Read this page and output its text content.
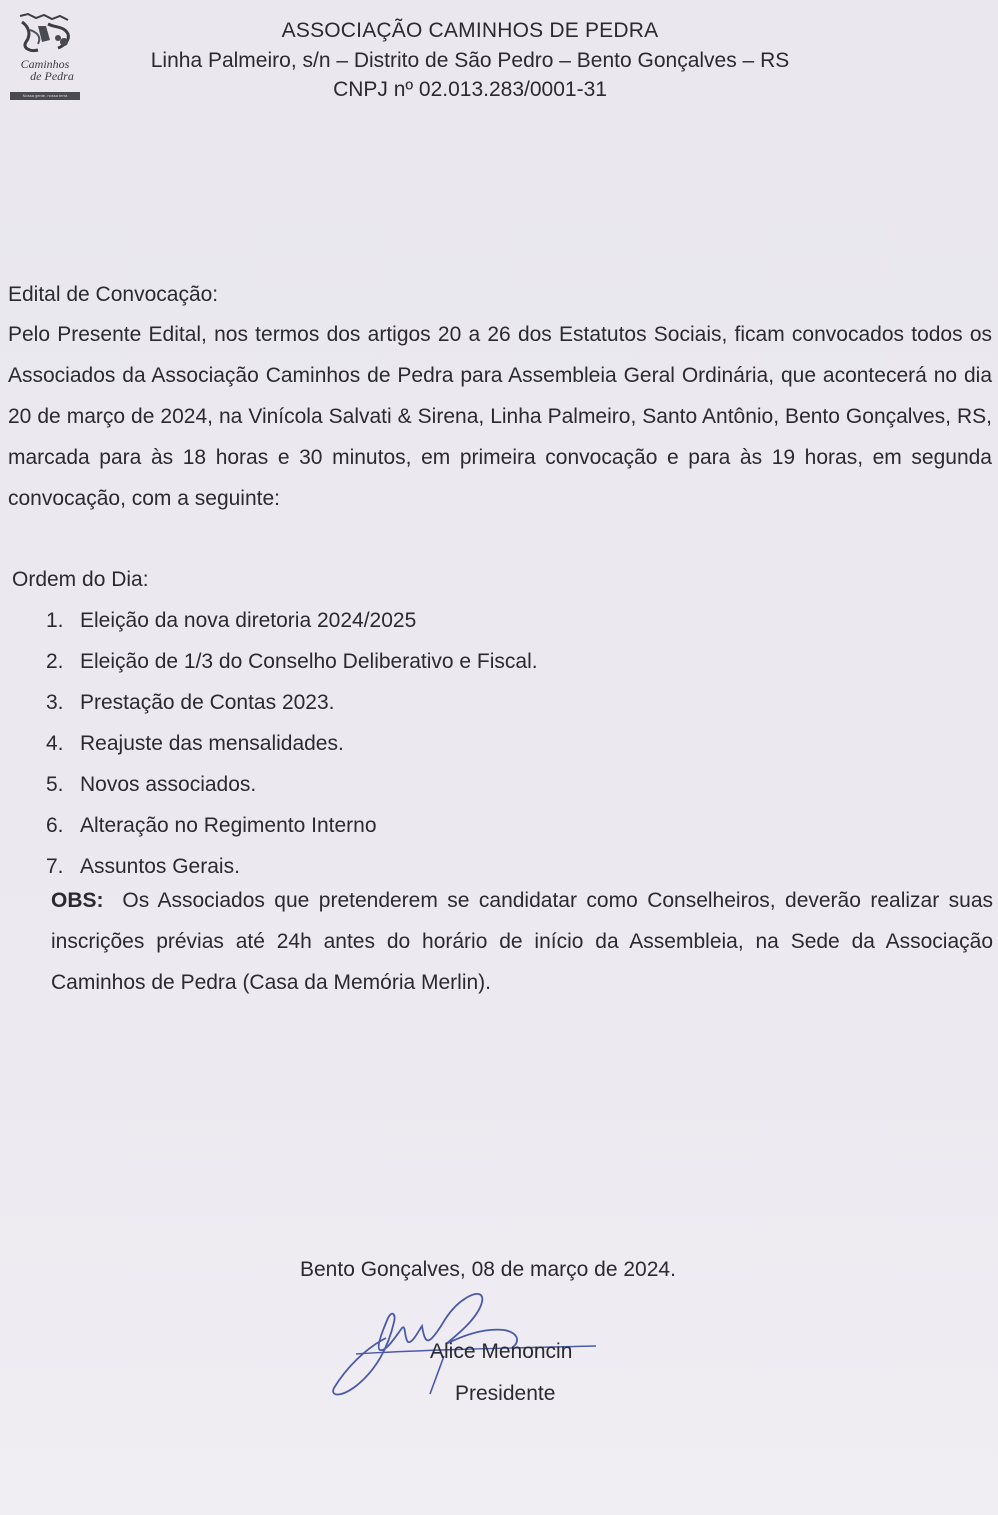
Caminhos
de Pedra
Nossa gente, nossa terra
ASSOCIAÇÃO CAMINHOS DE PEDRA
Linha Palmeiro, s/n – Distrito de São Pedro – Bento Gonçalves – RS
CNPJ nº 02.013.283/0001-31
Edital de Convocação:
Pelo Presente Edital, nos termos dos artigos 20 a 26 dos Estatutos Sociais, ficam convocados todos os Associados da Associação Caminhos de Pedra para Assembleia Geral Ordinária, que acontecerá no dia 20 de março de 2024, na Vinícola Salvati & Sirena, Linha Palmeiro, Santo Antônio, Bento Gonçalves, RS, marcada para às 18 horas e 30 minutos, em primeira convocação e para às 19 horas, em segunda convocação, com a seguinte:
Ordem do Dia:
1. Eleição da nova diretoria 2024/2025
2. Eleição de 1/3 do Conselho Deliberativo e Fiscal.
3. Prestação de Contas 2023.
4. Reajuste das mensalidades.
5. Novos associados.
6. Alteração no Regimento Interno
7. Assuntos Gerais.
OBS: Os Associados que pretenderem se candidatar como Conselheiros, deverão realizar suas inscrições prévias até 24h antes do horário de início da Assembleia, na Sede da Associação Caminhos de Pedra (Casa da Memória Merlin).
Bento Gonçalves, 08 de março de 2024.
Alice Menoncin
Presidente
